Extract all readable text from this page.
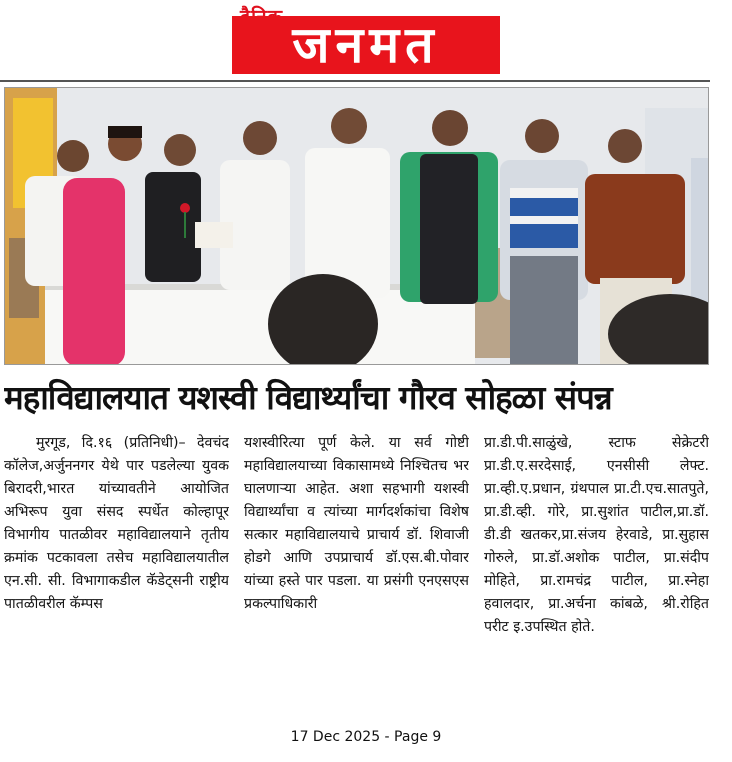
जनमत
महाविद्यालयात यशस्वी विद्यार्थ्यांचा गौरव सोहळा संपन्न

मुरगूड, दि.१६ (प्रतिनिधी)– देवचंद कॉलेज,अर्जुननगर येथे पार पडलेल्या युवक बिरादरी,भारत यांच्यावतीने आयोजित अभिरूप युवा संसद स्पर्धेत कोल्हापूर विभागीय पातळीवर महाविद्यालयाने तृतीय क्रमांक पटकावला तसेच महाविद्यालयातील एन.सी. सी. विभागाकडील कॅडेट्सनी राष्ट्रीय पातळीवरील कॅम्पस

यशस्वीरित्या पूर्ण केले. या सर्व गोष्टी महाविद्यालयाच्या विकासामध्ये निश्चितच भर घालणाऱ्या आहेत. अशा सहभागी यशस्वी विद्यार्थ्यांचा व त्यांच्या मार्गदर्शकांचा विशेष सत्कार महाविद्यालयाचे प्राचार्य डॉ. शिवाजी होडगे आणि उपप्राचार्य डॉ.एस.बी.पोवार यांच्या हस्ते पार पडला. या प्रसंगी एनएसएस प्रकल्पाधिकारी

प्रा.डी.पी.साळुंखे, स्टाफ सेक्रेटरी प्रा.डी.ए.सरदेसाई, एनसीसी लेफ्ट. प्रा.व्ही.ए.प्रधान, ग्रंथपाल प्रा.टी.एच.सातपुते, प्रा.डी.व्ही. गोरे, प्रा.सुशांत पाटील,प्रा.डॉ. डी.डी खतकर,प्रा.संजय हेरवाडे, प्रा.सुहास गोरुले, प्रा.डॉ.अशोक पाटील, प्रा.संदीप मोहिते, प्रा.रामचंद्र पाटील, प्रा.स्नेहा हवालदार, प्रा.अर्चना कांबळे, श्री.रोहित परीट इ.उपस्थित होते.

17 Dec 2025 - Page 9
